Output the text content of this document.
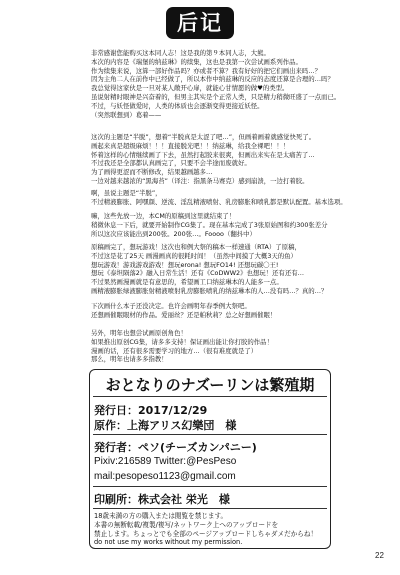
后记
非常感谢您能购买这本同人志！这是我的第９本同人志，大熊。
本次的内容是《瑞堡的纳兹琳》的续集，这也是我第一次尝试画系列作品。
作为续集来说，这算一部好作品吗？亦或者不算？我有好好的把它们画出来吗…？
因为主角二人在前作中已经做了，所以本作中纳兹琳的反应的态度还算是合理的…吗？
我总觉得这家伙是一旦对某人敞开心扉，就能心甘情愿的做♥的类型。
虽说射精时眼神是兴奋着的，但男主其实是个正常人类，只是精力稍微旺盛了一点而已。
不过，与妖怪做爱时，人类的体质也会逐渐变得更接近妖怪。
（突然联想到）葛着——
这次的主题是“半脱”，想着“半脱真是太涩了吧…”，但画着画着就感觉快死了。
画起来真是超级麻烦！！！直接脱光吧！！纳兹琳，给我全裸吧！！！
怀着这样的心情继续画了下去，虽然打起胶来很爽，但画出来实在是太痛苦了…
不过我还是全部都认真画完了，只要不会半途而废就好。
为了画得更涩而不断修改，结果越画越多…
一边对越来越浓的“黑海苔”（译注：指黑条马赛克）感到崩溃，一边打着胶。
啊，虽说主题是“半脱”，
不过精液膨胀、阿嘿颜、逆流、淫乱精液喷射、乳房膨胀和喷乳都是默认配置。基本选项。
嘛，这些先放一边，本CM的原稿到这里就结束了！
稍微休息一下后，就要开始制作CG集了。现在基本完成了3张原始图和约300张差分
所以这次应该能出到200张。200张…。Foooo（翻抖中）
原稿画完了，想玩游戏！这次也和例大祭的稿本一样速通（RTA）了原稿，
不过这是花了25天 画漫画真的很耗时间！（虽然中间摸了大概3天的鱼）
想玩游戏！游戏游戏游戏！想玩erona! 想玩FO14! 还想玩碳〇王!
想玩《泰坦陨落2》融入日常生活！还有《CoDWW2》也想玩！还有还有…
不过果然画漫画就是有意思的，希望画工口纳兹琳本的人能多一点。
画精液膨胀绿液膨胀射精液喷射乳房膨胀喷乳的纳兹琳本的人…没有吗…？真的…？
下次画什么本子还没决定。也许会画明年春季例大祭吧。
还想画催眠眼材的作品。爱丽丝？还是帕秋莉？总之好想画催眠！
另外，明年也想尝试画原创角色！
如果推出原创CG集，请多多支持！保证画出能让你打胶的作品！
漫画的话，还有很多需要学习的地方…（很有难度就是了）
那么，明年也请多多指教！
おとなりのナズーリンは繁殖期
発行日：2017/12/29
原作：上海アリス幻樂団　様
発行者：ペソ(チーズカンパニー)
Pixiv:216589 Twitter:@PesPeso
mail:pesopeso1123@gmail.com
印刷所：株式会社 栄光　様
18歳未満の方の購入または閲覧を禁じます。
本書の無断転載/複製/複写/ネットワーク上へのアップロードを
禁止します。ちょっとでも全部のページアップロードしちゃダメだからね！
do not use my works without my permission.
22
